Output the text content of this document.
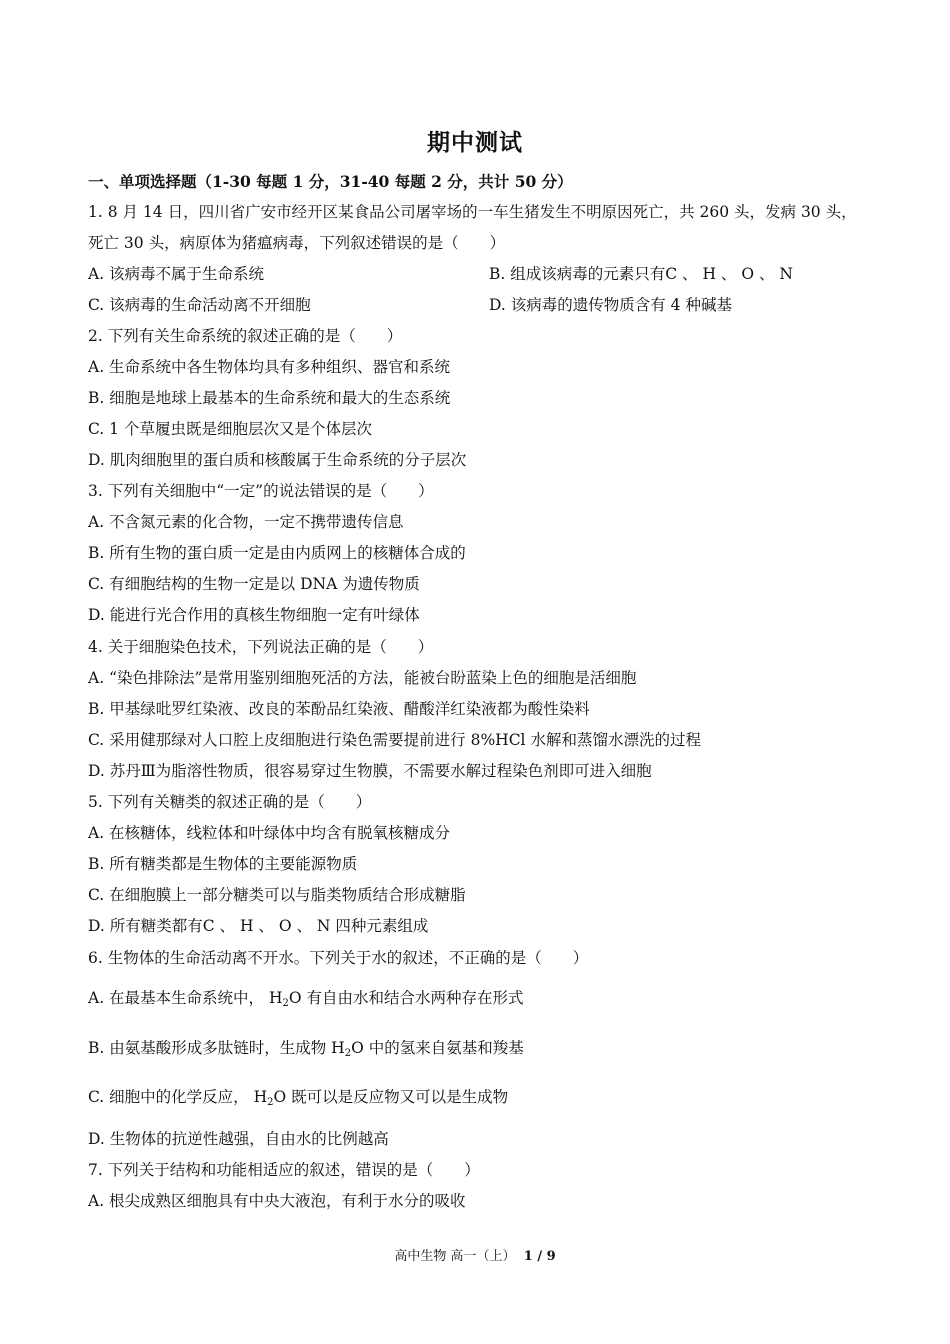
期中测试
一、单项选择题（1-30 每题 1 分，31-40 每题 2 分，共计 50 分）
1. 8 月 14 日，四川省广安市经开区某食品公司屠宰场的一车生猪发生不明原因死亡，共 260 头，发病 30 头，
死亡 30 头，病原体为猪瘟病毒，下列叙述错误的是（　　）
A. 该病毒不属于生命系统	B. 组成该病毒的元素只有C 、 H 、 O 、 N
C. 该病毒的生命活动离不开细胞	D. 该病毒的遗传物质含有 4 种碱基
2. 下列有关生命系统的叙述正确的是（　　）
A. 生命系统中各生物体均具有多种组织、器官和系统
B. 细胞是地球上最基本的生命系统和最大的生态系统
C. 1 个草履虫既是细胞层次又是个体层次
D. 肌肉细胞里的蛋白质和核酸属于生命系统的分子层次
3. 下列有关细胞中“一定”的说法错误的是（　　）
A. 不含氮元素的化合物，一定不携带遗传信息
B. 所有生物的蛋白质一定是由内质网上的核糖体合成的
C. 有细胞结构的生物一定是以 DNA 为遗传物质
D. 能进行光合作用的真核生物细胞一定有叶绿体
4. 关于细胞染色技术，下列说法正确的是（　　）
A. “染色排除法”是常用鉴别细胞死活的方法，能被台盼蓝染上色的细胞是活细胞
B. 甲基绿吡罗红染液、改良的苯酚品红染液、醋酸洋红染液都为酸性染料
C. 采用健那绿对人口腔上皮细胞进行染色需要提前进行 8%HCl 水解和蒸馏水漂洗的过程
D. 苏丹Ⅲ为脂溶性物质，很容易穿过生物膜，不需要水解过程染色剂即可进入细胞
5. 下列有关糖类的叙述正确的是（　　）
A. 在核糖体，线粒体和叶绿体中均含有脱氧核糖成分
B. 所有糖类都是生物体的主要能源物质
C. 在细胞膜上一部分糖类可以与脂类物质结合形成糖脂
D. 所有糖类都有C 、 H 、 O 、 N 四种元素组成
6. 生物体的生命活动离不开水。下列关于水的叙述，不正确的是（　　）
A. 在最基本生命系统中， $H_2O$ 有自由水和结合水两种存在形式
B. 由氨基酸形成多肽链时，生成物 $H_2O$ 中的氢来自氨基和羧基
C. 细胞中的化学反应， $H_2O$ 既可以是反应物又可以是生成物
D. 生物体的抗逆性越强，自由水的比例越高
7. 下列关于结构和功能相适应的叙述，错误的是（　　）
A. 根尖成熟区细胞具有中央大液泡，有利于水分的吸收
高中生物 高一（上） 1 / 9
